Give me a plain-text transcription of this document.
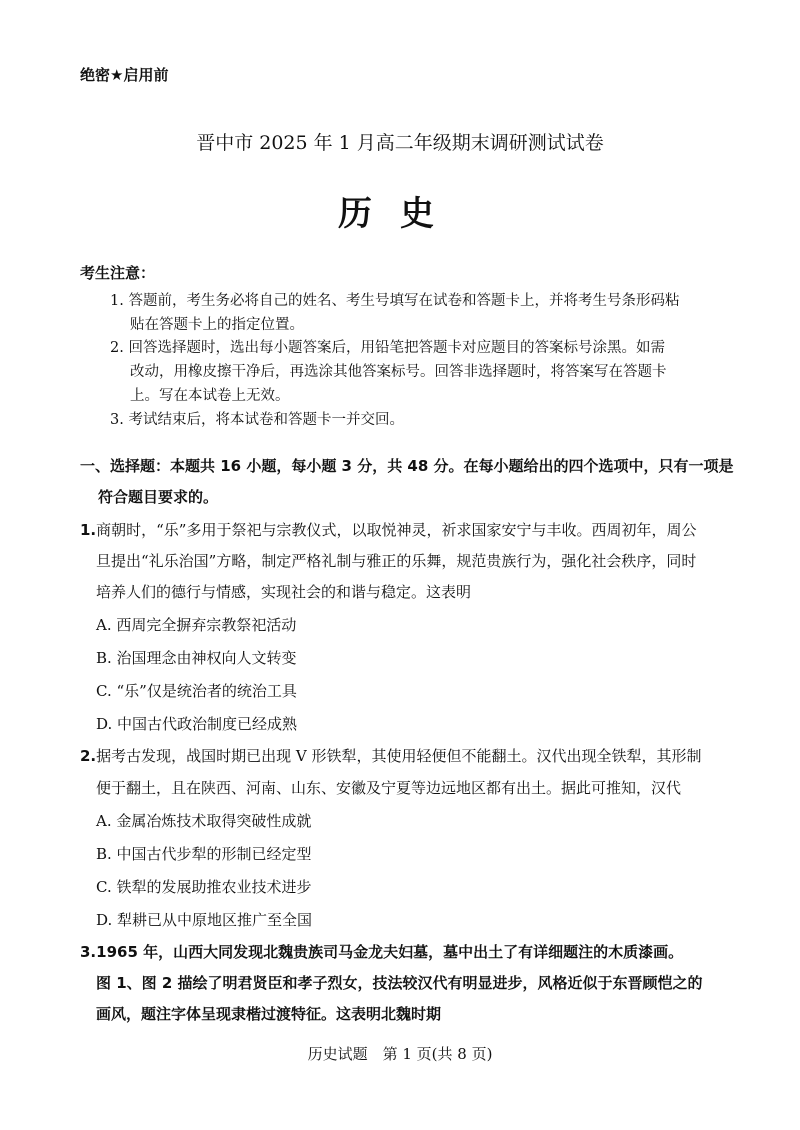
绝密★启用前
晋中市 2025 年 1 月高二年级期末调研测试试卷
历史
考生注意：
1. 答题前，考生务必将自己的姓名、考生号填写在试卷和答题卡上，并将考生号条形码粘
贴在答题卡上的指定位置。
2. 回答选择题时，选出每小题答案后，用铅笔把答题卡对应题目的答案标号涂黑。如需
改动，用橡皮擦干净后，再选涂其他答案标号。回答非选择题时，将答案写在答题卡
上。写在本试卷上无效。
3. 考试结束后，将本试卷和答题卡一并交回。
一、选择题：本题共 16 小题，每小题 3 分，共 48 分。在每小题给出的四个选项中，只有一项是
符合题目要求的。
1.商朝时，“乐”多用于祭祀与宗教仪式，以取悦神灵，祈求国家安宁与丰收。西周初年，周公
旦提出“礼乐治国”方略，制定严格礼制与雅正的乐舞，规范贵族行为，强化社会秩序，同时
培养人们的德行与情感，实现社会的和谐与稳定。这表明
A. 西周完全摒弃宗教祭祀活动
B. 治国理念由神权向人文转变
C. “乐”仅是统治者的统治工具
D. 中国古代政治制度已经成熟
2.据考古发现，战国时期已出现 V 形铁犁，其使用轻便但不能翻土。汉代出现全铁犁，其形制
便于翻土，且在陕西、河南、山东、安徽及宁夏等边远地区都有出土。据此可推知，汉代
A. 金属冶炼技术取得突破性成就
B. 中国古代步犁的形制已经定型
C. 铁犁的发展助推农业技术进步
D. 犁耕已从中原地区推广至全国
3.1965 年，山西大同发现北魏贵族司马金龙夫妇墓，墓中出土了有详细题注的木质漆画。
图 1、图 2 描绘了明君贤臣和孝子烈女，技法较汉代有明显进步，风格近似于东晋顾恺之的
画风，题注字体呈现隶楷过渡特征。这表明北魏时期
历史试题　第 1 页(共 8 页)
